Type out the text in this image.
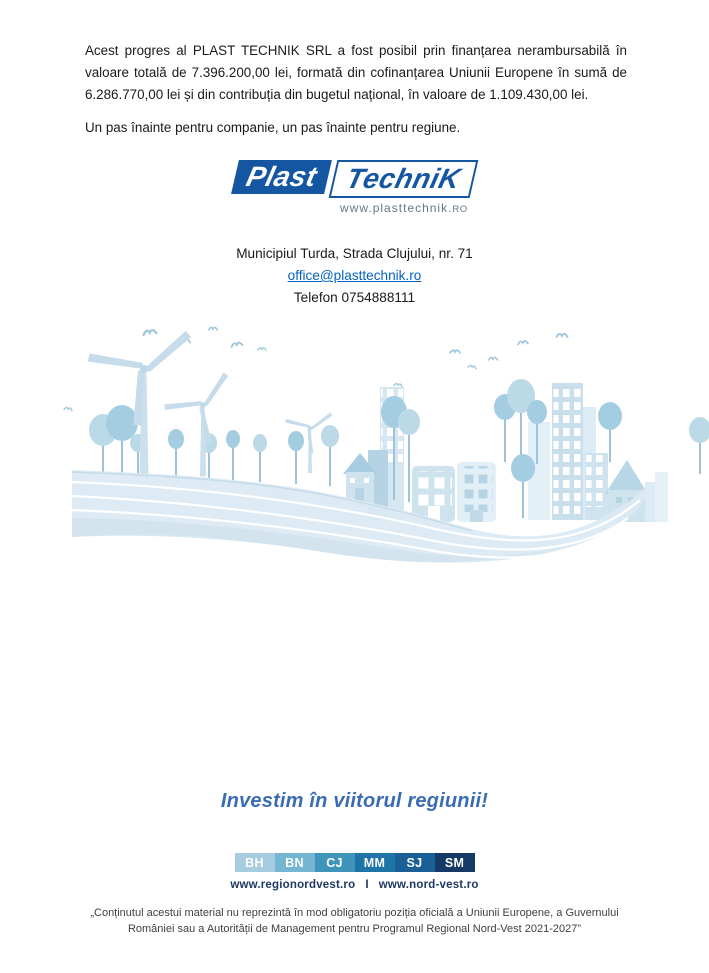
Acest progres al PLAST TECHNIK SRL a fost posibil prin finanțarea nerambursabilă în valoare totală de 7.396.200,00 lei, formată din cofinanțarea Uniunii Europene în sumă de 6.286.770,00 lei și din contribuția din bugetul național, în valoare de 1.109.430,00 lei.

Un pas înainte pentru companie, un pas înainte pentru regiune.

Plast TechniK
www.plasttechnik.RO
Municipiul Turda, Strada Clujului, nr. 71
office@plasttechnik.ro
Telefon 0754888111
Investim în viitorul regiunii!
BH	BN	CJ	MM	SJ	SM
www.regionordvest.ro I www.nord-vest.ro

„Conținutul acestui material nu reprezintă în mod obligatoriu poziția oficială a Uniunii Europene, a Guvernului României sau a Autorității de Management pentru Programul Regional Nord-Vest 2021-2027”
